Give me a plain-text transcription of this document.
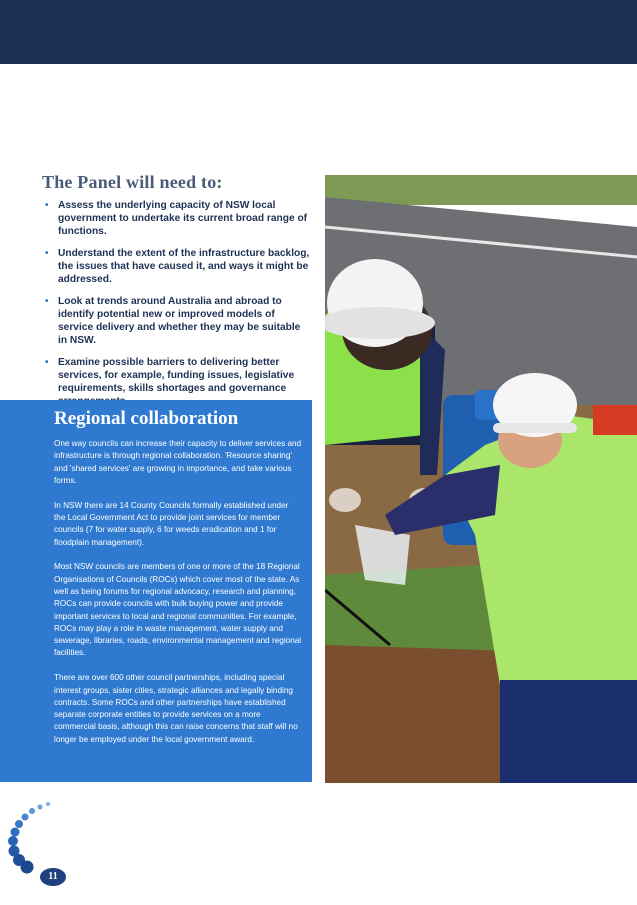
The Panel will need to:
• Assess the underlying capacity of NSW local government to undertake its current broad range of functions.
• Understand the extent of the infrastructure backlog, the issues that have caused it, and ways it might be addressed.
• Look at trends around Australia and abroad to identify potential new or improved models of service delivery and whether they may be suitable in NSW.
• Examine possible barriers to delivering better services, for example, funding issues, legislative requirements, skills shortages and governance
Regional collaboration

One way councils can increase their capacity to deliver services and infrastructure is through regional collaboration. 'Resource sharing' and 'shared services' are growing in importance, and take various forms.

In NSW there are 14 County Councils formally established under the Local Government Act to provide joint services for member councils (7 for water supply, 6 for weeds eradication and 1 for floodplain management).

Most NSW councils are members of one or more of the 18 Regional Organisations of Councils (ROCs) which cover most of the state. As well as being forums for regional advocacy, research and planning, ROCs can provide councils with bulk buying power and provide important services to local and regional communities. For example, ROCs may play a role in waste management, water supply and sewerage, libraries, roads, environmental management and regional facilities.

There are over 600 other council partnerships, including special interest groups, sister cities, strategic alliances and legally binding contracts. Some ROCs and other partnerships have established separate corporate entities to provide services on a more commercial basis, although this can raise concerns that staff will no longer be employed under the local government award.

11
